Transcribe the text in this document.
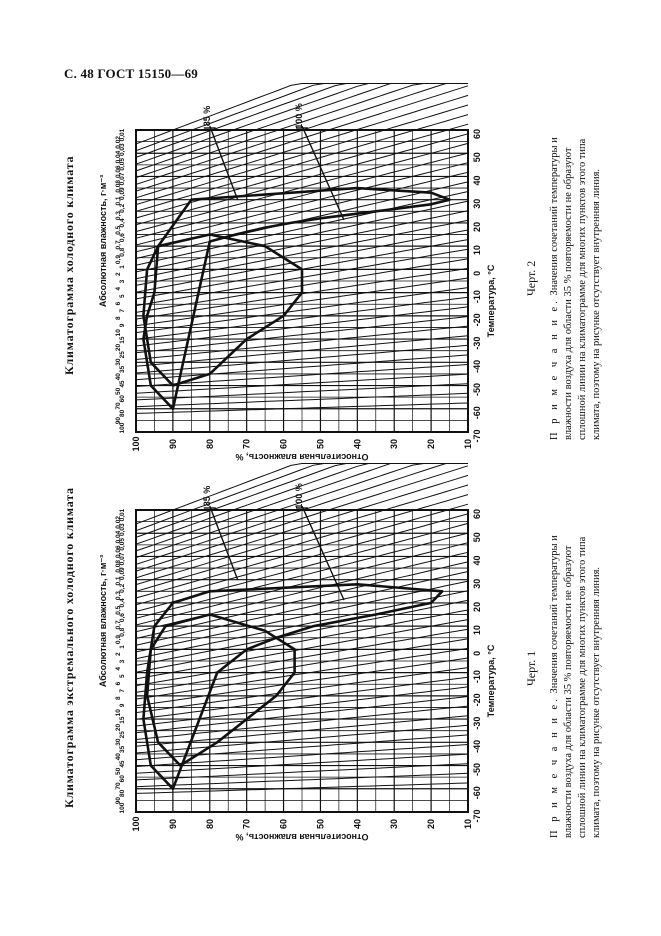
С. 48 ГОСТ 15150—69
-70
-60
-50
-40
-30
-20
-10
0
10
20
30
40
50
60
100	90	80	70	60	50	40	30	20	10
100
90
80
70
60
50
45
40
35
30
25
20
15
10
9
8
7
6
5
4
3
2
1
0,9
0,8
0,7
0,6
0,5
0,4
0,3
0,2
0,1
0,09
0,08
0,07
0,06
0,05
0,04
0,03
0,02
0,01
85 %	100 %
Температура, °С
Относительная влажность, %
Абсолютная влажность, г·м⁻³
Климатограмма холодного климата	Черт. 2
П р и м е ч а н и е. Значения сочетаний температуры и влажности воздуха для области 35 % повторяемости не образуют сплошной линии на климатограмме для многих пунктов этого типа климата, поэтому на рисунке отсутствует внутренняя линия.
-70
-60
-50
-40
-30
-20
-10
0
10
20
30
40
50
60
100	90	80	70	60	50	40	30	20	10
100
90
80
70
60
50
45
40
35
30
25
20
15
10
9
8
7
6
5
4
3
2
1
0,9
0,8
0,7
0,6
0,5
0,4
0,3
0,2
0,1
0,09
0,08
0,07
0,06
0,05
0,04
0,03
0,02
0,01
85 %	100 %
Температура, °С
Относительная влажность, %
Абсолютная влажность, г·м⁻³
Климатограмма экстремального холодного климата	Черт. 1
П р и м е ч а н и е. Значения сочетаний температуры и влажности воздуха для области 35 % повторяемости не образуют сплошной линии на климатограмме для многих пунктов этого типа климата, поэтому на рисунке отсутствует внутренняя линия.
